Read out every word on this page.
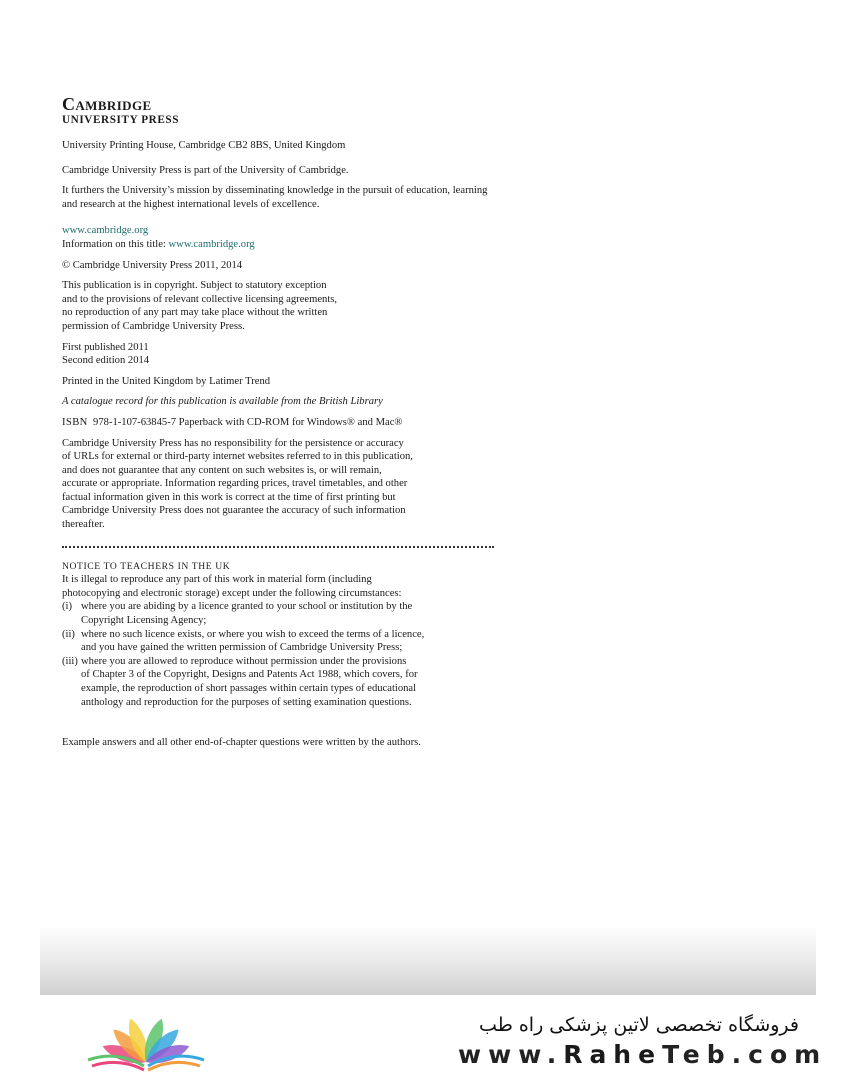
Cambridge
UNIVERSITY PRESS

University Printing House, Cambridge CB2 8BS, United Kingdom

Cambridge University Press is part of the University of Cambridge.

It furthers the University’s mission by disseminating knowledge in the pursuit of education, learning and research at the highest international levels of excellence.

www.cambridge.org
Information on this title: www.cambridge.org

© Cambridge University Press 2011, 2014

This publication is in copyright. Subject to statutory exception
and to the provisions of relevant collective licensing agreements,
no reproduction of any part may take place without the written
permission of Cambridge University Press.

First published 2011
Second edition 2014

Printed in the United Kingdom by Latimer Trend

A catalogue record for this publication is available from the British Library

ISBN 978-1-107-63845-7 Paperback with CD-ROM for Windows® and Mac®

Cambridge University Press has no responsibility for the persistence or accuracy
of URLs for external or third-party internet websites referred to in this publication,
and does not guarantee that any content on such websites is, or will remain,
accurate or appropriate. Information regarding prices, travel timetables, and other
factual information given in this work is correct at the time of first printing but
Cambridge University Press does not guarantee the accuracy of such information
thereafter.

NOTICE TO TEACHERS IN THE UK

It is illegal to reproduce any part of this work in material form (including
photocopying and electronic storage) except under the following circumstances:

(i) where you are abiding by a licence granted to your school or institution by the
Copyright Licensing Agency;
(ii) where no such licence exists, or where you wish to exceed the terms of a licence,
and you have gained the written permission of Cambridge University Press;
(iii) where you are allowed to reproduce without permission under the provisions
of Chapter 3 of the Copyright, Designs and Patents Act 1988, which covers, for
example, the reproduction of short passages within certain types of educational
anthology and reproduction for the purposes of setting examination questions.

Example answers and all other end-of-chapter questions were written by the authors.

فروشگاه تخصصی لاتین پزشکی راه طب
www.RaheTeb.com
